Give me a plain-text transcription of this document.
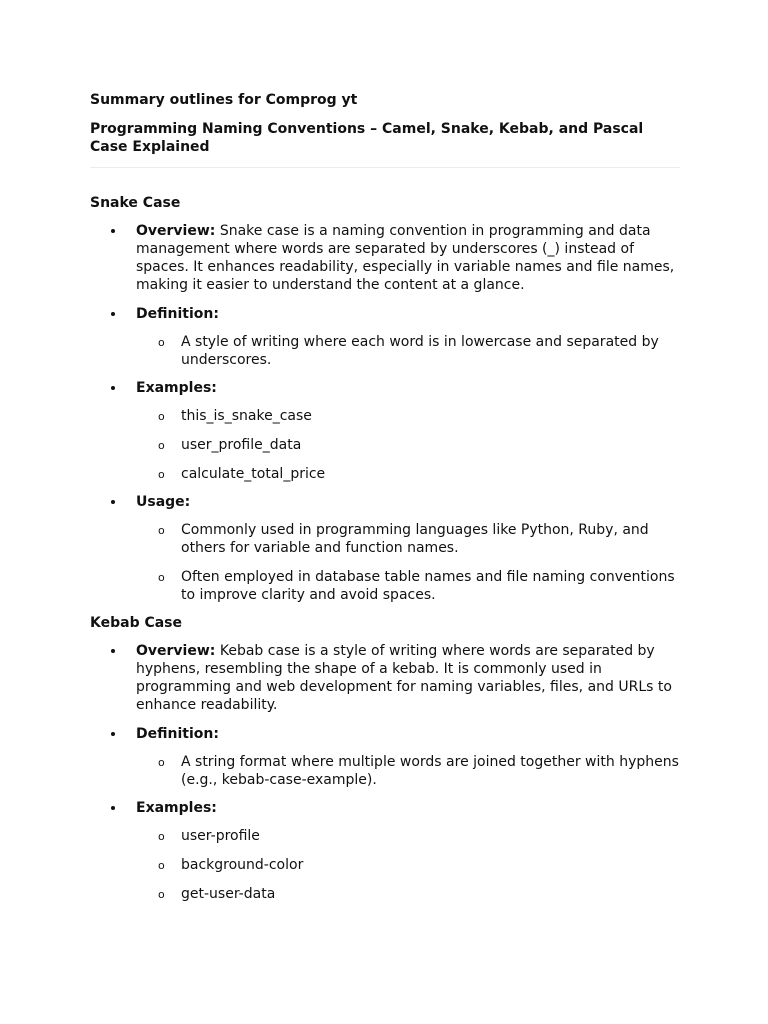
Summary outlines for Comprog yt
Programming Naming Conventions – Camel, Snake, Kebab, and Pascal Case Explained
Snake Case
Overview: Snake case is a naming convention in programming and data management where words are separated by underscores (_) instead of spaces. It enhances readability, especially in variable names and file names, making it easier to understand the content at a glance.
Definition:
o A style of writing where each word is in lowercase and separated by underscores.
Examples:
o this_is_snake_case
o user_profile_data
o calculate_total_price
Usage:
o Commonly used in programming languages like Python, Ruby, and others for variable and function names.
o Often employed in database table names and file naming conventions to improve clarity and avoid spaces.
Kebab Case
Overview: Kebab case is a style of writing where words are separated by hyphens, resembling the shape of a kebab. It is commonly used in programming and web development for naming variables, files, and URLs to enhance readability.
Definition:
o A string format where multiple words are joined together with hyphens (e.g., kebab-case-example).
Examples:
o user-profile
o background-color
o get-user-data
